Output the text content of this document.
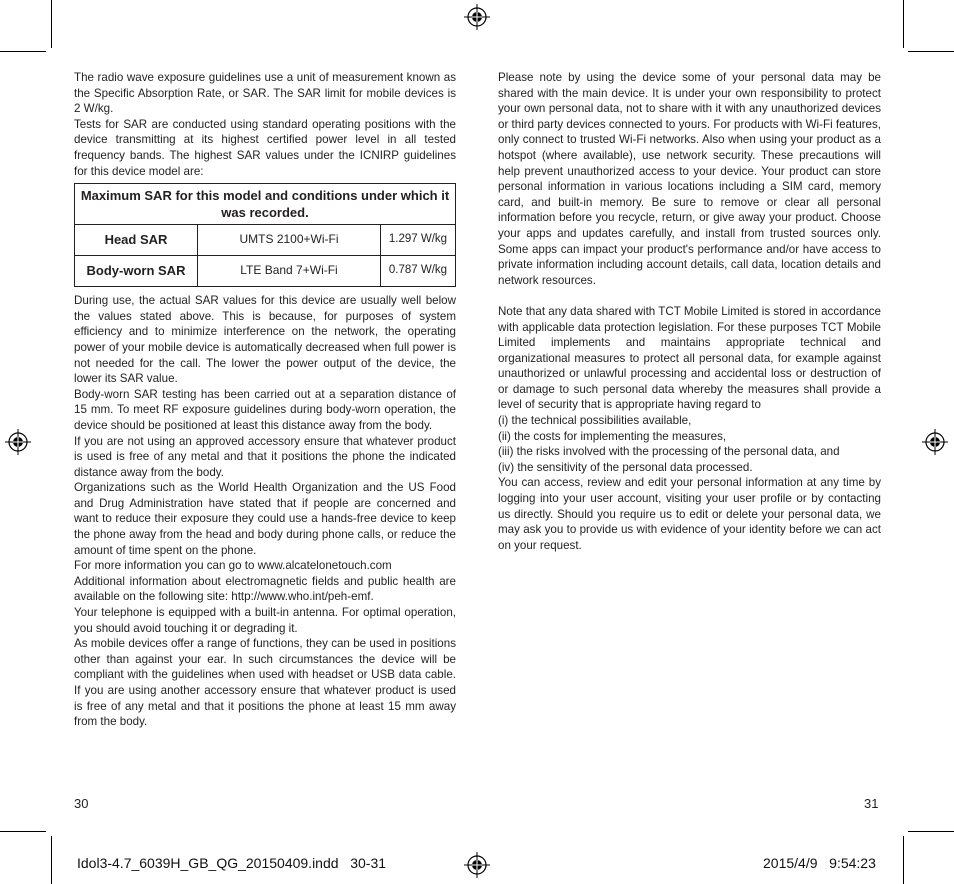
The radio wave exposure guidelines use a unit of measurement known as the Specific Absorption Rate, or SAR. The SAR limit for mobile devices is 2 W/kg.

Tests for SAR are conducted using standard operating positions with the device transmitting at its highest certified power level in all tested frequency bands. The highest SAR values under the ICNIRP guidelines for this device model are:

Maximum SAR for this model and conditions under which it was recorded.		
Head SAR	UMTS 2100+Wi-Fi	1.297 W/kg
Body-worn SAR	LTE Band 7+Wi-Fi	0.787 W/kg

During use, the actual SAR values for this device are usually well below the values stated above. This is because, for purposes of system efficiency and to minimize interference on the network, the operating power of your mobile device is automatically decreased when full power is not needed for the call. The lower the power output of the device, the lower its SAR value.

Body-worn SAR testing has been carried out at a separation distance of 15 mm. To meet RF exposure guidelines during body-worn operation, the device should be positioned at least this distance away from the body.

If you are not using an approved accessory ensure that whatever product is used is free of any metal and that it positions the phone the indicated distance away from the body.

Organizations such as the World Health Organization and the US Food and Drug Administration have stated that if people are concerned and want to reduce their exposure they could use a hands-free device to keep the phone away from the head and body during phone calls, or reduce the amount of time spent on the phone.

For more information you can go to www.alcatelonetouch.com

Additional information about electromagnetic fields and public health are available on the following site: http://www.who.int/peh-emf.

Your telephone is equipped with a built-in antenna. For optimal operation, you should avoid touching it or degrading it.

As mobile devices offer a range of functions, they can be used in positions other than against your ear. In such circumstances the device will be compliant with the guidelines when used with headset or USB data cable. If you are using another accessory ensure that whatever product is used is free of any metal and that it positions the phone at least 15 mm away from the body.

Please note by using the device some of your personal data may be shared with the main device. It is under your own responsibility to protect your own personal data, not to share with it with any unauthorized devices or third party devices connected to yours. For products with Wi-Fi features, only connect to trusted Wi-Fi networks. Also when using your product as a hotspot (where available), use network security. These precautions will help prevent unauthorized access to your device. Your product can store personal information in various locations including a SIM card, memory card, and built-in memory. Be sure to remove or clear all personal information before you recycle, return, or give away your product. Choose your apps and updates carefully, and install from trusted sources only. Some apps can impact your product's performance and/or have access to private information including account details, call data, location details and network resources.

Note that any data shared with TCT Mobile Limited is stored in accordance with applicable data protection legislation. For these purposes TCT Mobile Limited implements and maintains appropriate technical and organizational measures to protect all personal data, for example against unauthorized or unlawful processing and accidental loss or destruction of or damage to such personal data whereby the measures shall provide a level of security that is appropriate having regard to

(i) the technical possibilities available,

(ii) the costs for implementing the measures,

(iii) the risks involved with the processing of the personal data, and

(iv) the sensitivity of the personal data processed.

You can access, review and edit your personal information at any time by logging into your user account, visiting your user profile or by contacting us directly. Should you require us to edit or delete your personal data, we may ask you to provide us with evidence of your identity before we can act on your request.

30	31
Idol3-4.7_6039H_GB_QG_20150409.indd   30-31	2015/4/9   9:54:23
